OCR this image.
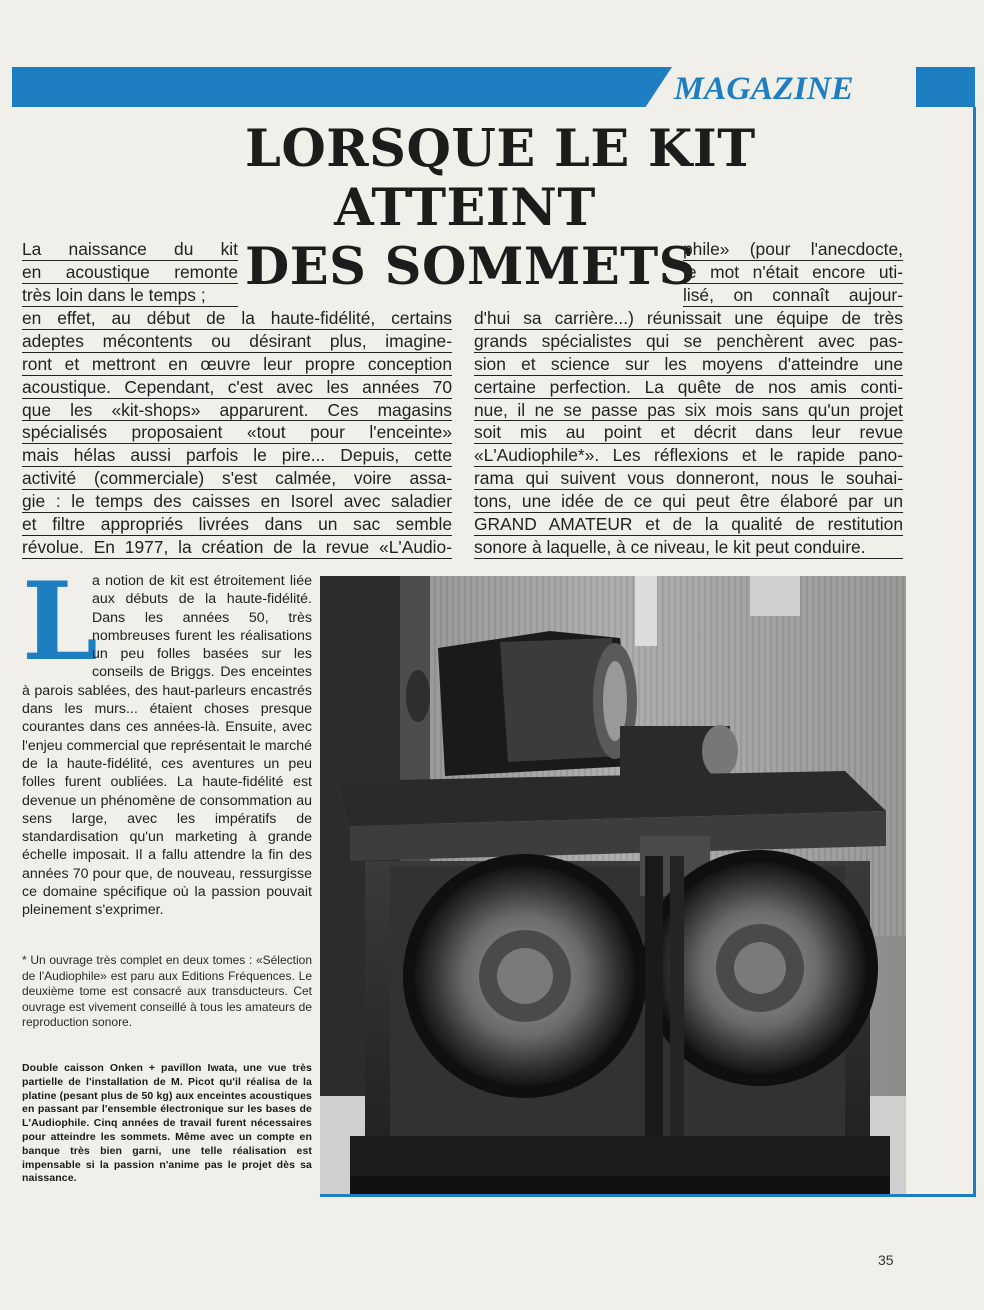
MAGAZINE
LORSQUE LE KIT
ATTEINT
DES SOMMETS
La naissance du kit
en acoustique remonte
très loin dans le temps ;
en effet, au début de la haute-fidélité, certains
adeptes mécontents ou désirant plus, imagine-
ront et mettront en œuvre leur propre conception
acoustique. Cependant, c'est avec les années 70
que les «kit-shops» apparurent. Ces magasins
spécialisés proposaient «tout pour l'enceinte»
mais hélas aussi parfois le pire... Depuis, cette
activité (commerciale) s'est calmée, voire assa-
gie : le temps des caisses en Isorel avec saladier
et filtre appropriés livrées dans un sac semble
révolue. En 1977, la création de la revue «L'Audio-
phile» (pour l'anecdocte,
le mot n'était encore uti-
lisé, on connaît aujour-
d'hui sa carrière...) réunissait une équipe de très
grands spécialistes qui se penchèrent avec pas-
sion et science sur les moyens d'atteindre une
certaine perfection. La quête de nos amis conti-
nue, il ne se passe pas six mois sans qu'un projet
soit mis au point et décrit dans leur revue
«L'Audiophile*». Les réflexions et le rapide pano-
rama qui suivent vous donneront, nous le souhai-
tons, une idée de ce qui peut être élaboré par un
GRAND AMATEUR et de la qualité de restitution
sonore à laquelle, à ce niveau, le kit peut conduire.
L
a notion de kit est étroitement liée aux débuts de la haute-fidélité. Dans les années 50, très nombreuses furent les réalisations un peu folles basées sur les conseils de Briggs. Des enceintes à parois sablées, des haut-parleurs encastrés dans les murs... étaient choses presque courantes dans ces années-là. Ensuite, avec l'enjeu commercial que représentait le marché de la haute-fidélité, ces aventures un peu folles furent oubliées. La haute-fidélité est devenue un phénomène de consommation au sens large, avec les impératifs de standardisation qu'un marketing à grande échelle imposait. Il a fallu attendre la fin des années 70 pour que, de nouveau, ressurgisse ce domaine spécifique où la passion pouvait pleinement s'exprimer.
* Un ouvrage très complet en deux tomes : «Sélection de l'Audiophile» est paru aux Editions Fréquences. Le deuxième tome est consacré aux transducteurs. Cet ouvrage est vivement conseillé à tous les amateurs de reproduction sonore.
Double caisson Onken + pavillon Iwata, une vue très partielle de l'installation de M. Picot qu'il réalisa de la platine (pesant plus de 50 kg) aux enceintes acoustiques en passant par l'ensemble électronique sur les bases de L'Audiophile. Cinq années de travail furent nécessaires pour atteindre les sommets. Même avec un compte en banque très bien garni, une telle réalisation est impensable si la passion n'anime pas le projet dès sa naissance.
35
